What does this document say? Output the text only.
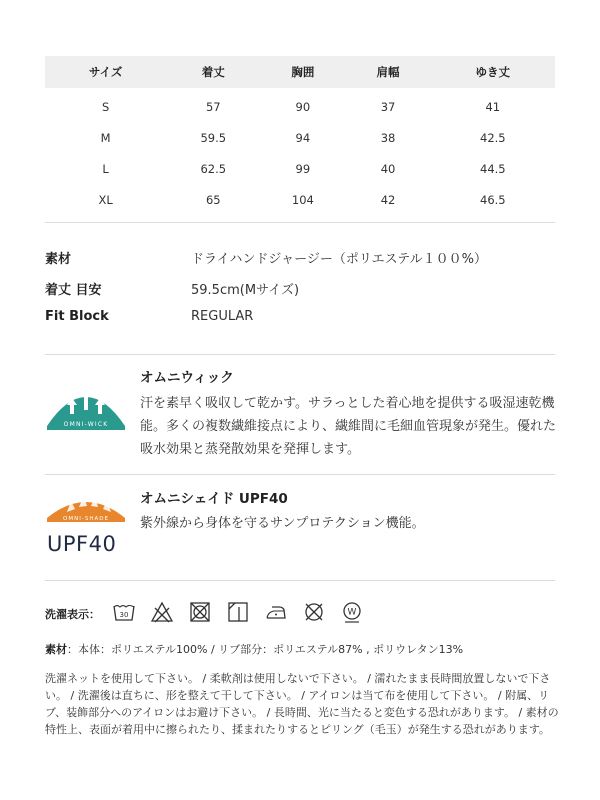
サイズ	着丈	胸囲	肩幅	ゆき丈
S	57	90	37	41
M	59.5	94	38	42.5
L	62.5	99	40	44.5
XL	65	104	42	46.5
素材	ドライハンドジャージー（ポリエステル１００%）
着丈 目安	59.5cm(Mサイズ)
Fit Block	REGULAR
OMNI-WICK
オムニウィック
汗を素早く吸収して乾かす。サラっとした着心地を提供する吸湿速乾機能。多くの複数繊維接点により、繊維間に毛細血管現象が発生。優れた吸水効果と蒸発散効果を発揮します。
OMNI-SHADE
UPF40
オムニシェイド UPF40
紫外線から身体を守るサンプロテクション機能。
洗濯表示：	30	W
素材：本体：ポリエステル100% / リブ部分：ポリエステル87% , ポリウレタン13%
洗濯ネットを使用して下さい。 / 柔軟剤は使用しないで下さい。 / 濡れたまま長時間放置しないで下さい。 / 洗濯後は直ちに、形を整えて干して下さい。 / アイロンは当て布を使用して下さい。 / 附属、リブ、装飾部分へのアイロンはお避け下さい。 / 長時間、光に当たると変色する恐れがあります。 / 素材の特性上、表面が着用中に擦られたり、揉まれたりするとピリング（毛玉）が発生する恐れがあります。
